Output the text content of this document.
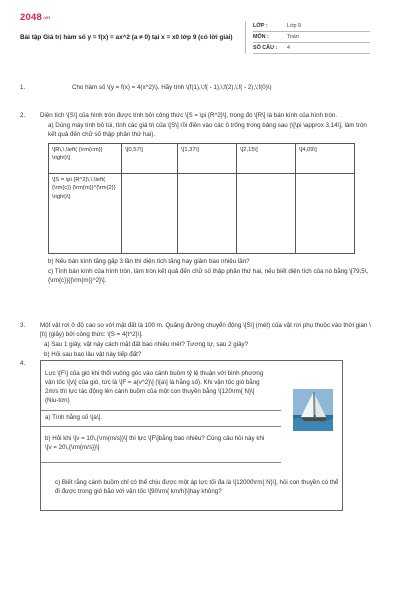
2048.vn
Bài tập Giá trị hàm số y = f(x) = ax^2 (a ≠ 0) tại x = x0 lớp 9 (có lời giải)
LỚP :	Lớp 9
MÔN :	Toán
SỐ CÂU :	4
1.	Cho hàm số \(y = f(x) = 4(x^2)\). Hãy tính \(f(1),\;f( - 1),\;f(2),\;f( - 2),\;f(0)\)
2. Diện tích \[S\] của hình tròn được tính bởi công thức \[S = \pi {R^2}\], trong đó \[R\] là bán kính của hình tròn.
a) Dùng máy tính bỏ túi, tính các giá trị của \[S\] rồi điền vào các ô trống trong bảng sau (\[\pi \approx 3,14\], làm tròn kết quả đến chữ số thập phân thứ hai).
\[R\,\,\left( {\rm{cm}} \right)\]	\[0,57\]	\[1,37\]	\[2,15\]	\[4,09\]
\[S = \pi {R^2}\,\,\left( {\rm{c}} {\rm{m}}^{\rm{2}} \right)\]				
b) Nếu bán kính tăng gấp 3 lần thì diện tích tăng hay giảm bao nhiêu lần?
c) Tính bán kính của hình tròn, làm tròn kết quả đến chữ số thập phân thứ hai, nếu biết diện tích của nó bằng \[79,5\,{\rm{c}}{{\rm{m}}^2}\].
3. Một vật rơi ở độ cao so với mặt đất là 100 m. Quãng đường chuyển động \[S\] (mét) của vật rơi phụ thuộc vào thời gian \[t\] (giây) bởi công thức: \[S = 4{t^2}\].
a) Sau 1 giây, vật này cách mặt đất bao nhiêu mét? Tương tự, sau 2 giây?
b) Hỏi sau bao lâu vật này tiếp đất?
4.
Lực \[F\] của gió khi thổi vuông góc vào cánh buồm tỷ lệ thuận với bình phương vận tốc \[v\] của gió, tức là \[F = a{v^2}\] (\[a\] là hằng số). Khi vận tốc gió bằng 2m/s thì lực tác động lên cánh buồm của một con thuyền bằng \[120\rm{ N}\](Niu-tơn)
a) Tính hằng số \[a\].
b) Hỏi khi \[v = 10\,{\rm{m/s}}\] thì lực \[F\]bằng bao nhiêu? Cùng câu hỏi này khi \[v = 20\,{\rm{m/s}}\]
c) Biết rằng cánh buồm chỉ có thể chịu được một áp lực tối đa là \[12000\rm{ N}\], hỏi con thuyền có thể đi được trong gió bão với vận tốc \[90\rm{ km/h}\]hay không?
